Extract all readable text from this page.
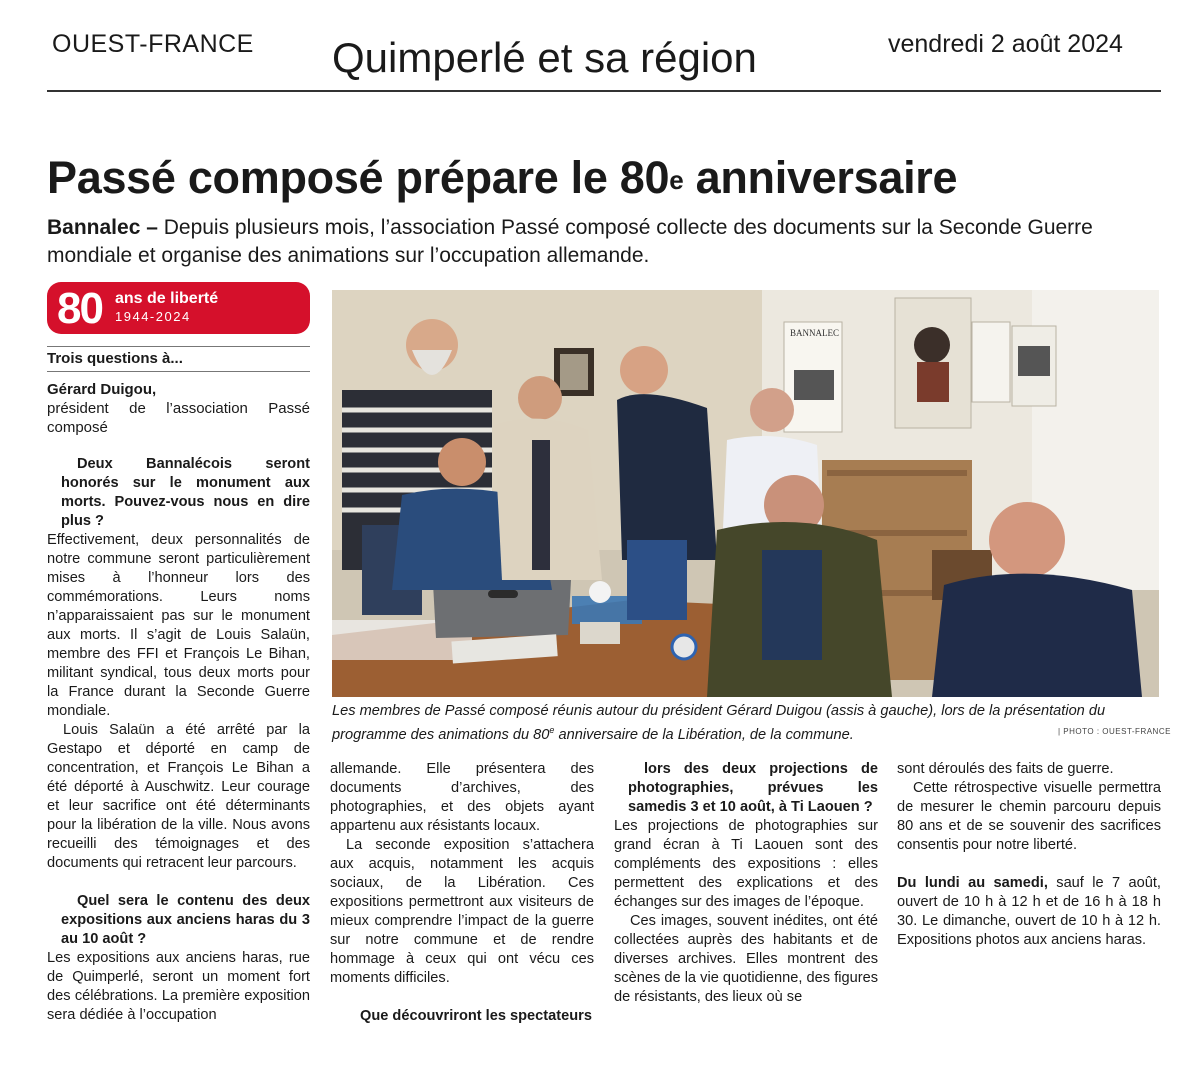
OUEST-FRANCE Quimperlé et sa région	vendredi 2 août 2024
Passé composé prépare le 80e anniversaire
Bannalec – Depuis plusieurs mois, l’association Passé composé collecte des documents sur la Seconde Guerre mondiale et organise des animations sur l’occupation allemande.
80 ans de liberté
1944-2024
Trois questions à...
Gérard Duigou,
président de l’association Passé composé

Deux Bannalécois seront honorés sur le monument aux morts. Pouvez-vous nous en dire plus ?

Effectivement, deux personnalités de notre commune seront particulièrement mises à l’honneur lors des commémorations. Leurs noms n’apparaissaient pas sur le monument aux morts. Il s’agit de Louis Salaün, membre des FFI et François Le Bihan, militant syndical, tous deux morts pour la France durant la Seconde Guerre mondiale.

Louis Salaün a été arrêté par la Gestapo et déporté en camp de concentration, et François Le Bihan a été déporté à Auschwitz. Leur courage et leur sacrifice ont été déterminants pour la libération de la ville. Nous avons recueilli des témoignages et des documents qui retracent leur parcours.

Quel sera le contenu des deux expositions aux anciens haras du 3 au 10 août ?

Les expositions aux anciens haras, rue de Quimperlé, seront un moment fort des célébrations. La première exposition sera dédiée à l’occupation

BANNALEC
Les membres de Passé composé réunis autour du président Gérard Duigou (assis à gauche), lors de la présentation du programme des animations du 80e anniversaire de la Libération, de la commune.	| PHOTO : OUEST-FRANCE

allemande. Elle présentera des documents d’archives, des photographies, et des objets ayant appartenu aux résistants locaux.

La seconde exposition s’attachera aux acquis, notamment les acquis sociaux, de la Libération. Ces expositions permettront aux visiteurs de mieux comprendre l’impact de la guerre sur notre commune et de rendre hommage à ceux qui ont vécu ces moments difficiles.

Que découvriront les spectateurs

lors des deux projections de photographies, prévues les samedis 3 et 10 août, à Ti Laouen ?

Les projections de photographies sur grand écran à Ti Laouen sont des compléments des expositions : elles permettent des explications et des échanges sur des images de l’époque.

Ces images, souvent inédites, ont été collectées auprès des habitants et de diverses archives. Elles montrent des scènes de la vie quotidienne, des figures de résistants, des lieux où se

sont déroulés des faits de guerre.

Cette rétrospective visuelle permettra de mesurer le chemin parcouru depuis 80 ans et de se souvenir des sacrifices consentis pour notre liberté.

Du lundi au samedi, sauf le 7 août, ouvert de 10 h à 12 h et de 16 h à 18 h 30. Le dimanche, ouvert de 10 h à 12 h. Expositions photos aux anciens haras.
